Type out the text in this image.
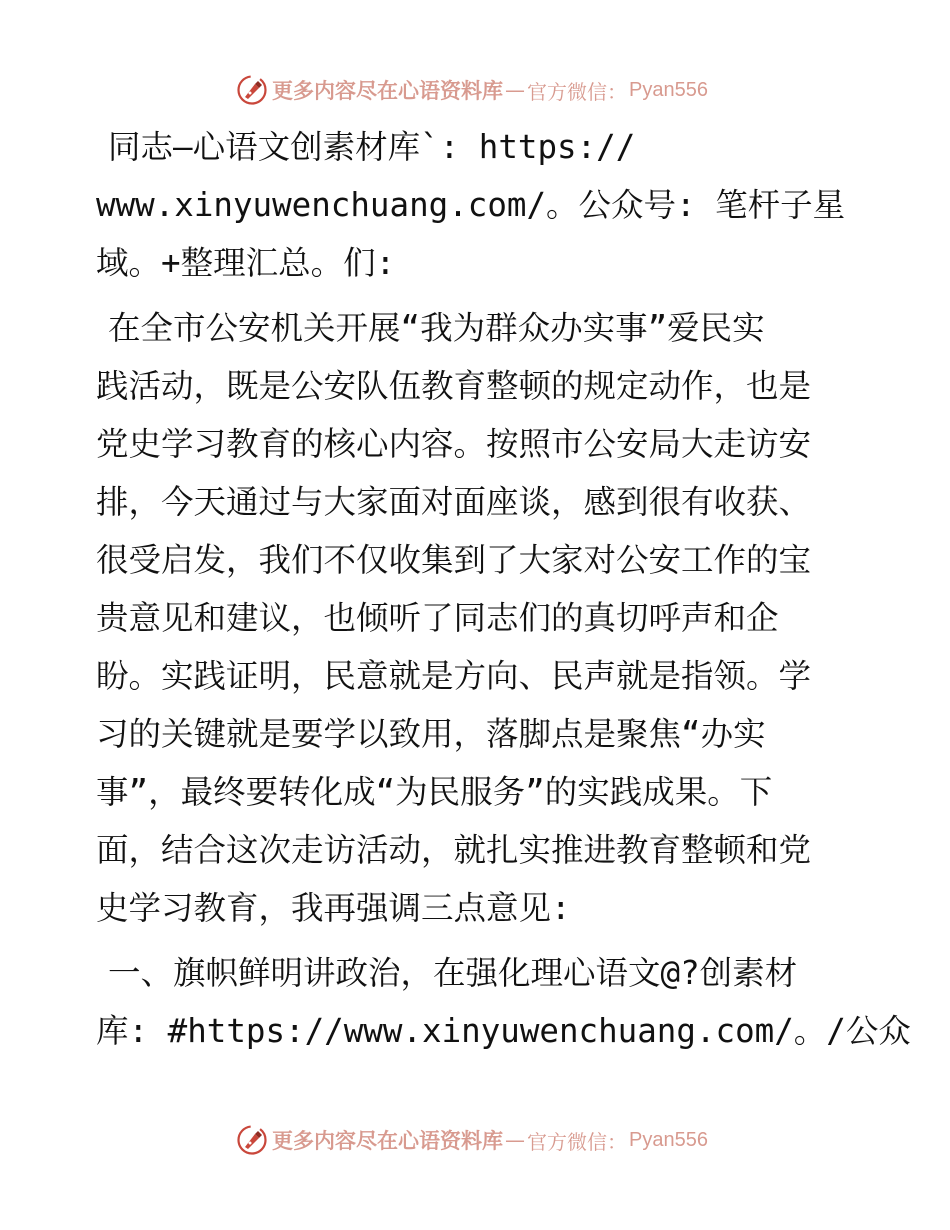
更多内容尽在心语资料库 — 官方微信： Pyan556
同志—心语文创素材库`: https://
www.xinyuwenchuang.com/。公众号: 笔杆子星
域。+整理汇总。们:
在全市公安机关开展“我为群众办实事”爱民实
践活动，既是公安队伍教育整顿的规定动作，也是
党史学习教育的核心内容。按照市公安局大走访安
排，今天通过与大家面对面座谈，感到很有收获、
很受启发，我们不仅收集到了大家对公安工作的宝
贵意见和建议，也倾听了同志们的真切呼声和企
盼。实践证明，民意就是方向、民声就是指领。学
习的关键就是要学以致用，落脚点是聚焦“办实
事”，最终要转化成“为民服务”的实践成果。下
面，结合这次走访活动，就扎实推进教育整顿和党
史学习教育，我再强调三点意见:
一、旗帜鲜明讲政治，在强化理心语文@?创素材
库: #https://www.xinyuwenchuang.com/。/公众
更多内容尽在心语资料库 — 官方微信： Pyan556
